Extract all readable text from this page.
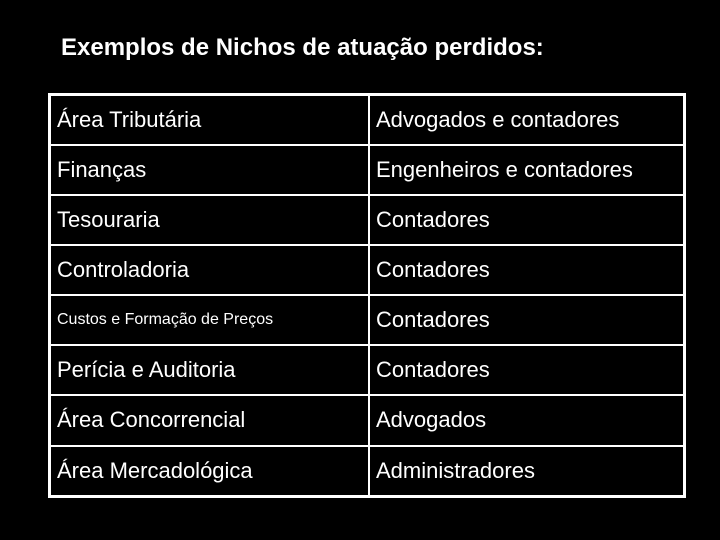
Exemplos de Nichos de atuação perdidos:
Área Tributária	Advogados e contadores
Finanças	Engenheiros e contadores
Tesouraria	Contadores
Controladoria	Contadores
Custos e Formação de Preços	Contadores
Perícia e Auditoria	Contadores
Área Concorrencial	Advogados
Área Mercadológica	Administradores
